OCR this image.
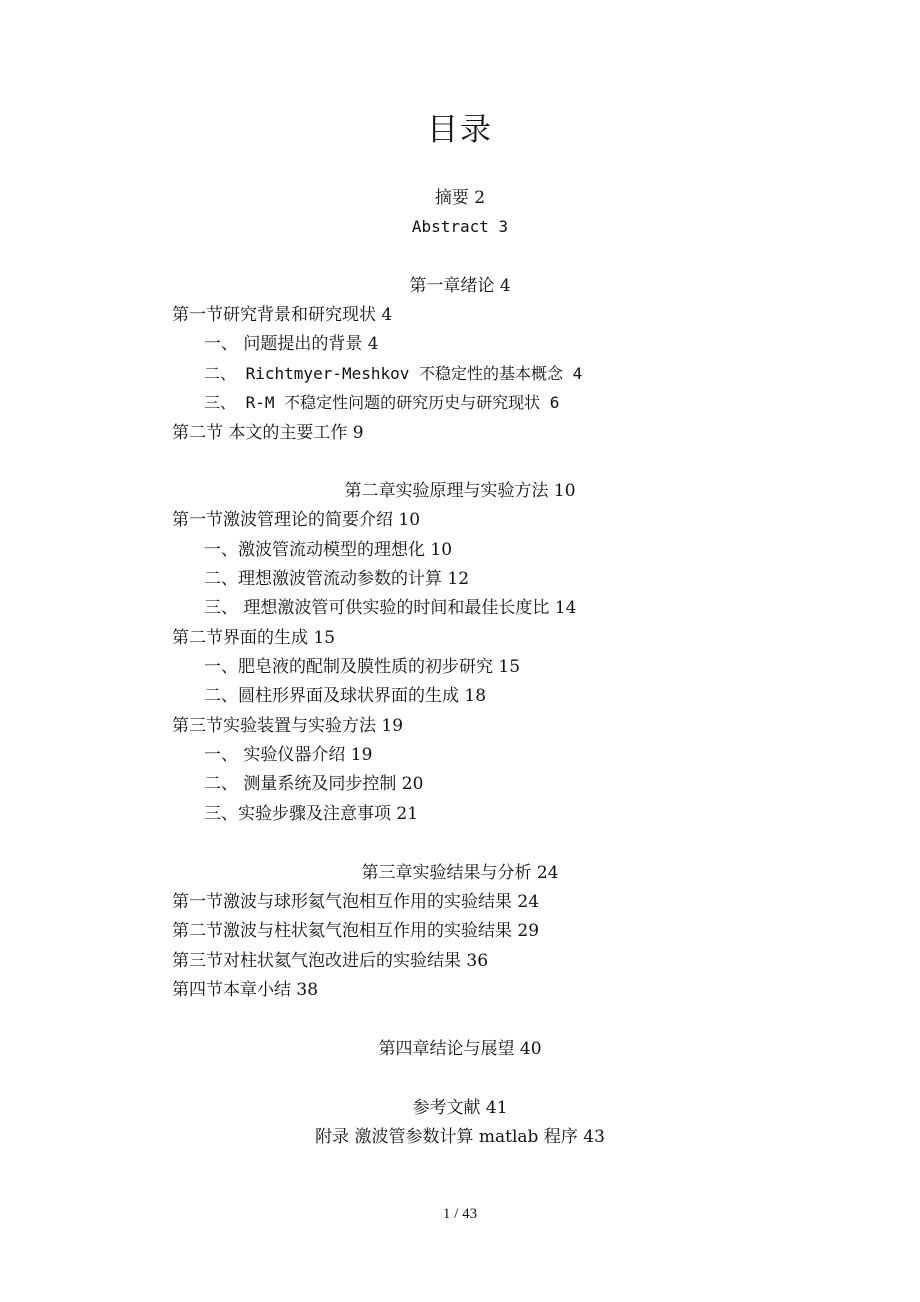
目录
摘要 2
Abstract 3
第一章绪论 4
第一节研究背景和研究现状 4
一、 问题提出的背景 4
二、 Richtmyer-Meshkov 不稳定性的基本概念 4
三、 R-M 不稳定性问题的研究历史与研究现状 6
第二节 本文的主要工作 9
第二章实验原理与实验方法 10
第一节激波管理论的简要介绍 10
一、激波管流动模型的理想化 10
二、理想激波管流动参数的计算 12
三、 理想激波管可供实验的时间和最佳长度比 14
第二节界面的生成 15
一、肥皂液的配制及膜性质的初步研究 15
二、圆柱形界面及球状界面的生成 18
第三节实验装置与实验方法 19
一、 实验仪器介绍 19
二、 测量系统及同步控制 20
三、实验步骤及注意事项 21
第三章实验结果与分析 24
第一节激波与球形氦气泡相互作用的实验结果 24
第二节激波与柱状氦气泡相互作用的实验结果 29
第三节对柱状氦气泡改进后的实验结果 36
第四节本章小结 38
第四章结论与展望 40
参考文献 41
附录 激波管参数计算 matlab 程序 43
1 / 43
